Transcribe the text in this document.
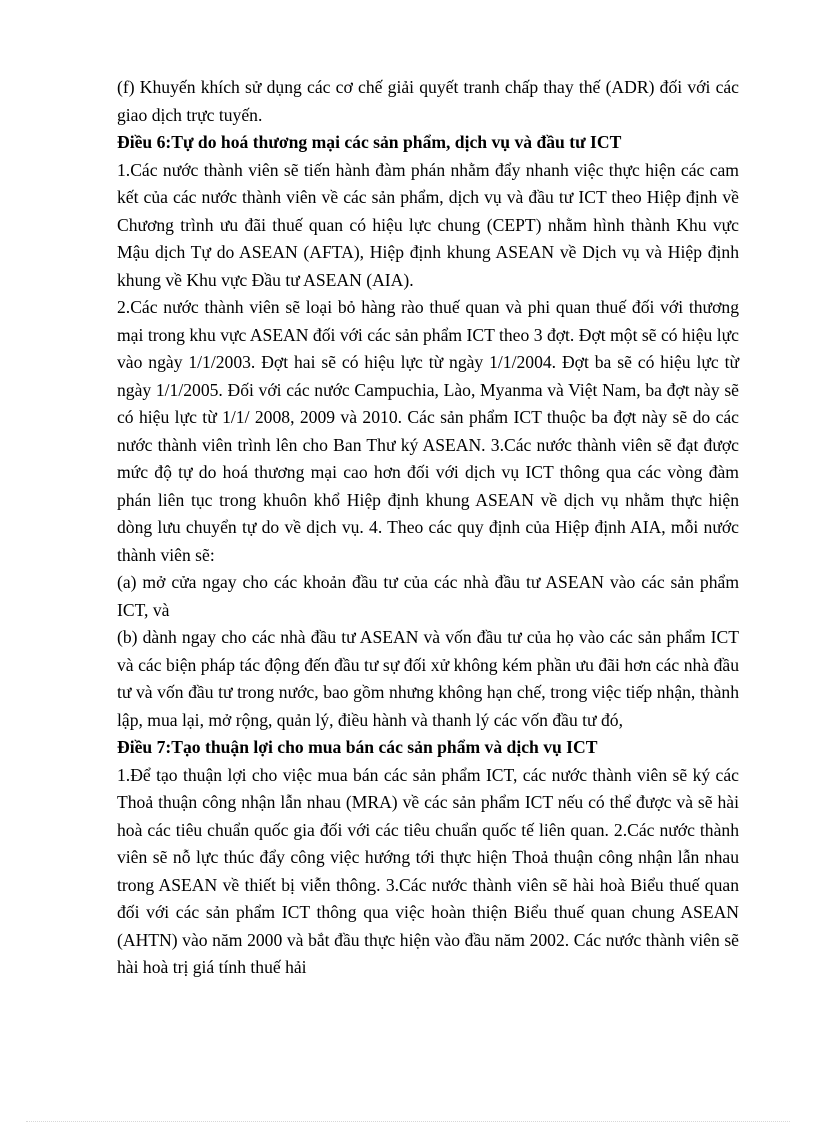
(f) Khuyến khích sử dụng các cơ chế giải quyết tranh chấp thay thế (ADR) đối với các giao dịch trực tuyến.

Điều 6:Tự do hoá thương mại các sản phẩm, dịch vụ và đầu tư ICT

1.Các nước thành viên sẽ tiến hành đàm phán nhằm đẩy nhanh việc thực hiện các cam kết của các nước thành viên về các sản phẩm, dịch vụ và đầu tư ICT theo Hiệp định về Chương trình ưu đãi thuế quan có hiệu lực chung (CEPT) nhằm hình thành Khu vực Mậu dịch Tự do ASEAN (AFTA), Hiệp định khung ASEAN về Dịch vụ và Hiệp định khung về Khu vực Đầu tư ASEAN (AIA).

2.Các nước thành viên sẽ loại bỏ hàng rào thuế quan và phi quan thuế đối với thương mại trong khu vực ASEAN đối với các sản phẩm ICT theo 3 đợt. Đợt một sẽ có hiệu lực vào ngày 1/1/2003. Đợt hai sẽ có hiệu lực từ ngày 1/1/2004. Đợt ba sẽ có hiệu lực từ ngày 1/1/2005. Đối với các nước Campuchia, Lào, Myanma và Việt Nam, ba đợt này sẽ có hiệu lực từ 1/1/ 2008, 2009 và 2010. Các sản phẩm ICT thuộc ba đợt này sẽ do các nước thành viên trình lên cho Ban Thư ký ASEAN. 3.Các nước thành viên sẽ đạt được mức độ tự do hoá thương mại cao hơn đối với dịch vụ ICT thông qua các vòng đàm phán liên tục trong khuôn khổ Hiệp định khung ASEAN về dịch vụ nhằm thực hiện dòng lưu chuyển tự do về dịch vụ. 4. Theo các quy định của Hiệp định AIA, mỗi nước thành viên sẽ:

(a) mở cửa ngay cho các khoản đầu tư của các nhà đầu tư ASEAN vào các sản phẩm ICT, và

(b) dành ngay cho các nhà đầu tư ASEAN và vốn đầu tư của họ vào các sản phẩm ICT và các biện pháp tác động đến đầu tư sự đối xử không kém phần ưu đãi hơn các nhà đầu tư và vốn đầu tư trong nước, bao gồm nhưng không hạn chế, trong việc tiếp nhận, thành lập, mua lại, mở rộng, quản lý, điều hành và thanh lý các vốn đầu tư đó,

Điều 7:Tạo thuận lợi cho mua bán các sản phẩm và dịch vụ ICT

1.Để tạo thuận lợi cho việc mua bán các sản phẩm ICT, các nước thành viên sẽ ký các Thoả thuận công nhận lẫn nhau (MRA) về các sản phẩm ICT nếu có thể được và sẽ hài hoà các tiêu chuẩn quốc gia đối với các tiêu chuẩn quốc tế liên quan. 2.Các nước thành viên sẽ nỗ lực thúc đẩy công việc hướng tới thực hiện Thoả thuận công nhận lẫn nhau trong ASEAN về thiết bị viễn thông. 3.Các nước thành viên sẽ hài hoà Biểu thuế quan đối với các sản phẩm ICT thông qua việc hoàn thiện Biểu thuế quan chung ASEAN (AHTN) vào năm 2000 và bắt đầu thực hiện vào đầu năm 2002. Các nước thành viên sẽ hài hoà trị giá tính thuế hải
